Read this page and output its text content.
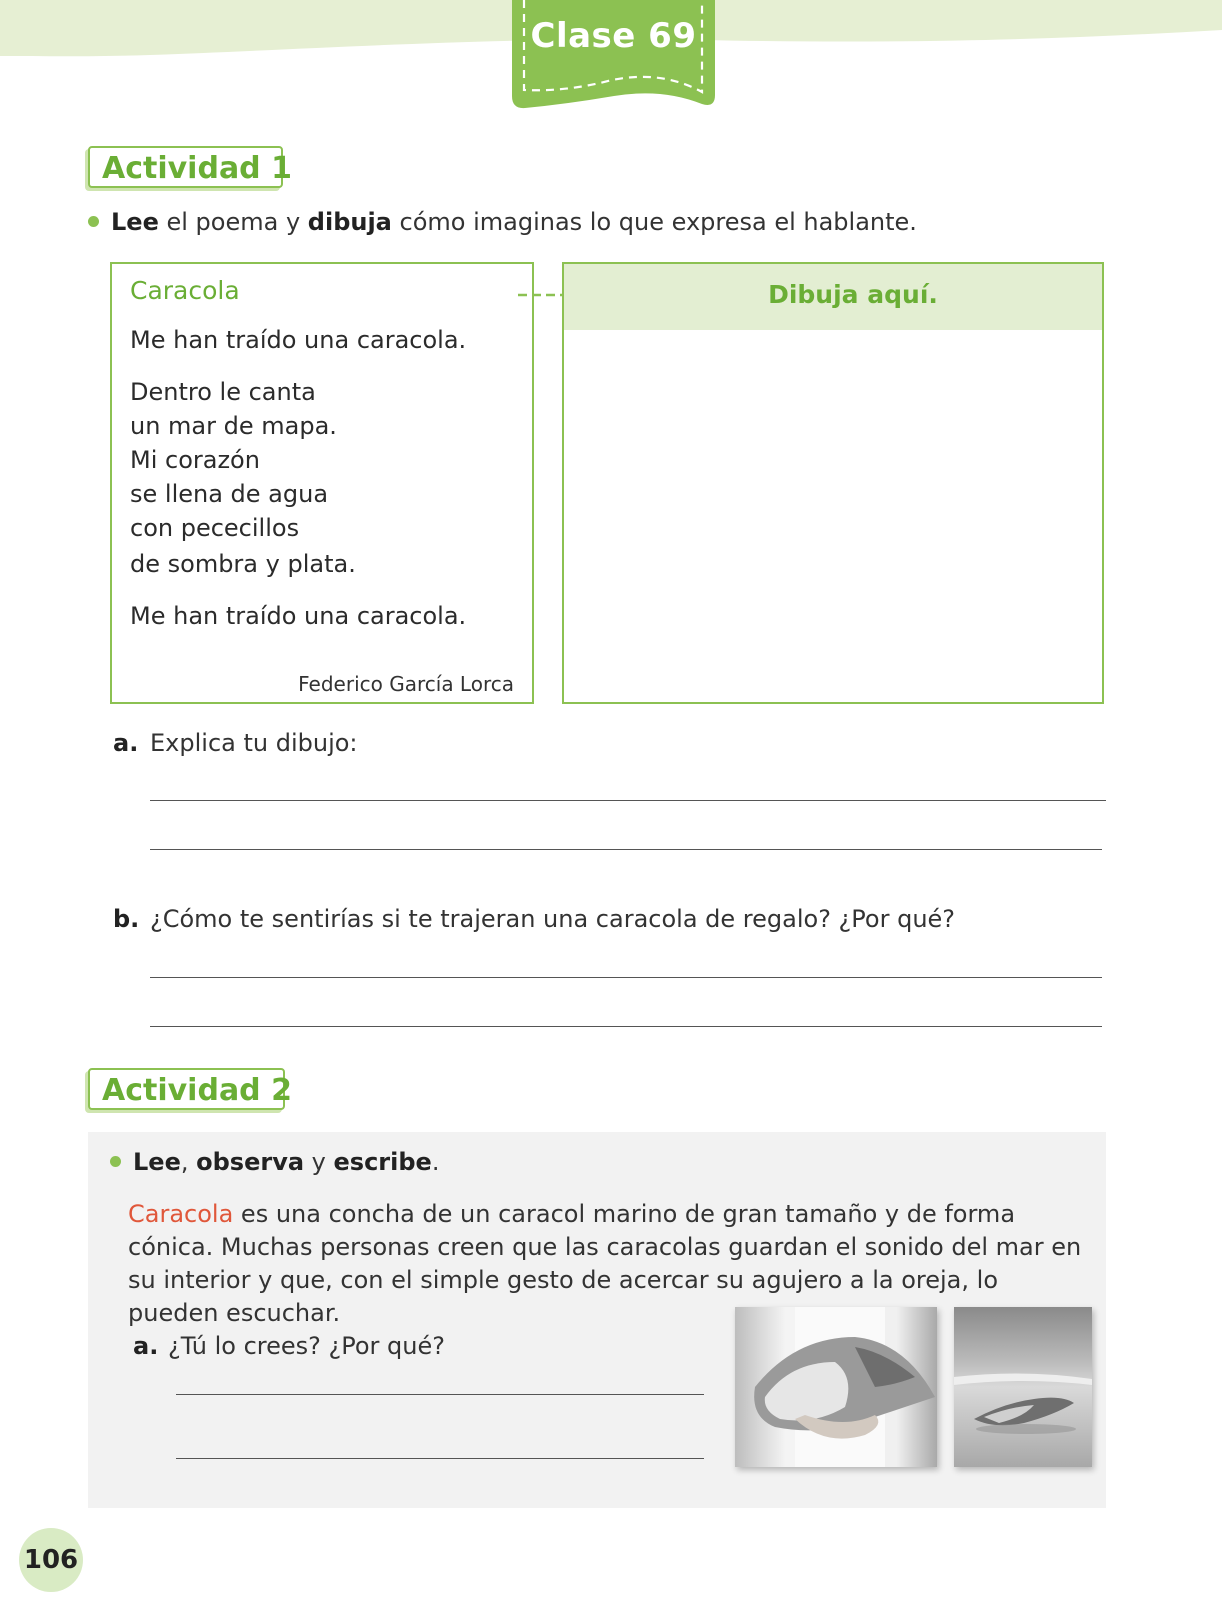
Clase 69
Actividad 1
Lee el poema y dibuja cómo imaginas lo que expresa el hablante.
Caracola
Me han traído una caracola.
Dentro le canta
un mar de mapa.
Mi corazón
se llena de agua
con pececillos
de sombra y plata.
Me han traído una caracola.
Federico García Lorca
Dibuja aquí.
a. Explica tu dibujo:
b. ¿Cómo te sentirías si te trajeran una caracola de regalo? ¿Por qué?
Actividad 2
Lee, observa y escribe.
Caracola es una concha de un caracol marino de gran tamaño y de forma cónica. Muchas personas creen que las caracolas guardan el sonido del mar en su interior y que, con el simple gesto de acercar su agujero a la oreja, lo pueden escuchar.
a. ¿Tú lo crees? ¿Por qué?
106
